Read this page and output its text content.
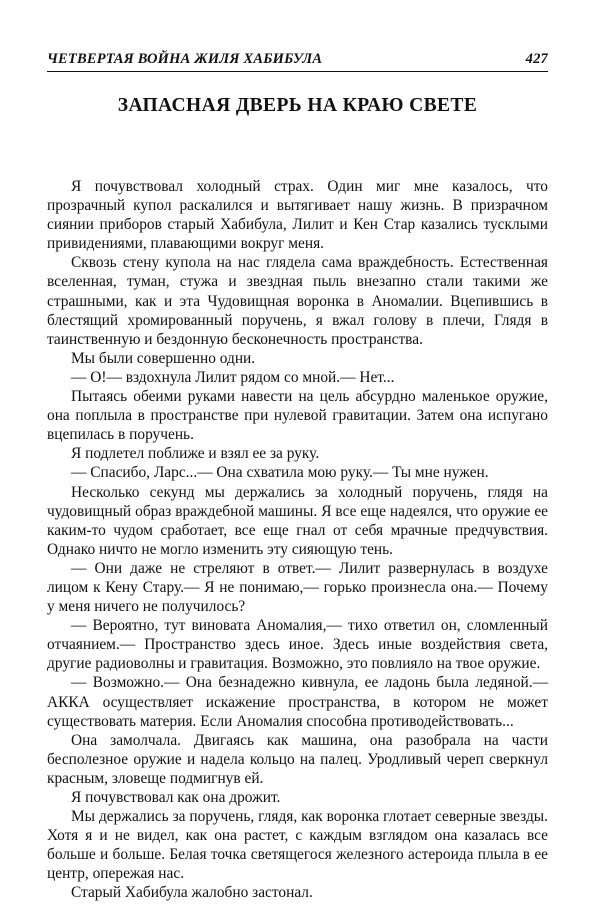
ЧЕТВЕРТАЯ ВОЙНА ЖИЛЯ ХАБИБУЛА	427
ЗАПАСНАЯ ДВЕРЬ НА КРАЮ СВЕТЕ

Я почувствовал холодный страх. Один миг мне казалось, что прозрачный купол раскалился и вытягивает нашу жизнь. В призрачном сиянии приборов старый Хабибула, Лилит и Кен Стар казались тусклыми привидениями, плавающими вокруг меня.

Сквозь стену купола на нас глядела сама враждебность. Естественная вселенная, туман, стужа и звездная пыль внезапно стали такими же страшными, как и эта Чудовищная воронка в Аномалии. Вцепившись в блестящий хромированный поручень, я вжал голову в плечи, Глядя в таинственную и бездонную бесконечность пространства.

Мы были совершенно одни.

— О!— вздохнула Лилит рядом со мной.— Нет...

Пытаясь обеими руками навести на цель абсурдно маленькое оружие, она поплыла в пространстве при нулевой гравитации. Затем она испугано вцепилась в поручень.

Я подлетел поближе и взял ее за руку.

— Спасибо, Ларс...— Она схватила мою руку.— Ты мне нужен.

Несколько секунд мы держались за холодный поручень, глядя на чудовищный образ враждебной машины. Я все еще надеялся, что оружие ее каким-то чудом сработает, все еще гнал от себя мрачные предчувствия. Однако ничто не могло изменить эту сияющую тень.

— Они даже не стреляют в ответ.— Лилит развернулась в воздухе лицом к Кену Стару.— Я не понимаю,— горько произнесла она.— Почему у меня ничего не получилось?

— Вероятно, тут виновата Аномалия,— тихо ответил он, сломленный отчаянием.— Пространство здесь иное. Здесь иные воздействия света, другие радиоволны и гравитация. Возможно, это повлияло на твое оружие.

— Возможно.— Она безнадежно кивнула, ее ладонь была ледяной.— АККА осуществляет искажение пространства, в котором не может существовать материя. Если Аномалия способна противодействовать...

Она замолчала. Двигаясь как машина, она разобрала на части бесполезное оружие и надела кольцо на палец. Уродливый череп сверкнул красным, зловеще подмигнув ей.

Я почувствовал как она дрожит.

Мы держались за поручень, глядя, как воронка глотает северные звезды. Хотя я и не видел, как она растет, с каждым взглядом она казалась все больше и больше. Белая точка светящегося железного астероида плыла в ее центр, опережая нас.

Старый Хабибула жалобно застонал.
